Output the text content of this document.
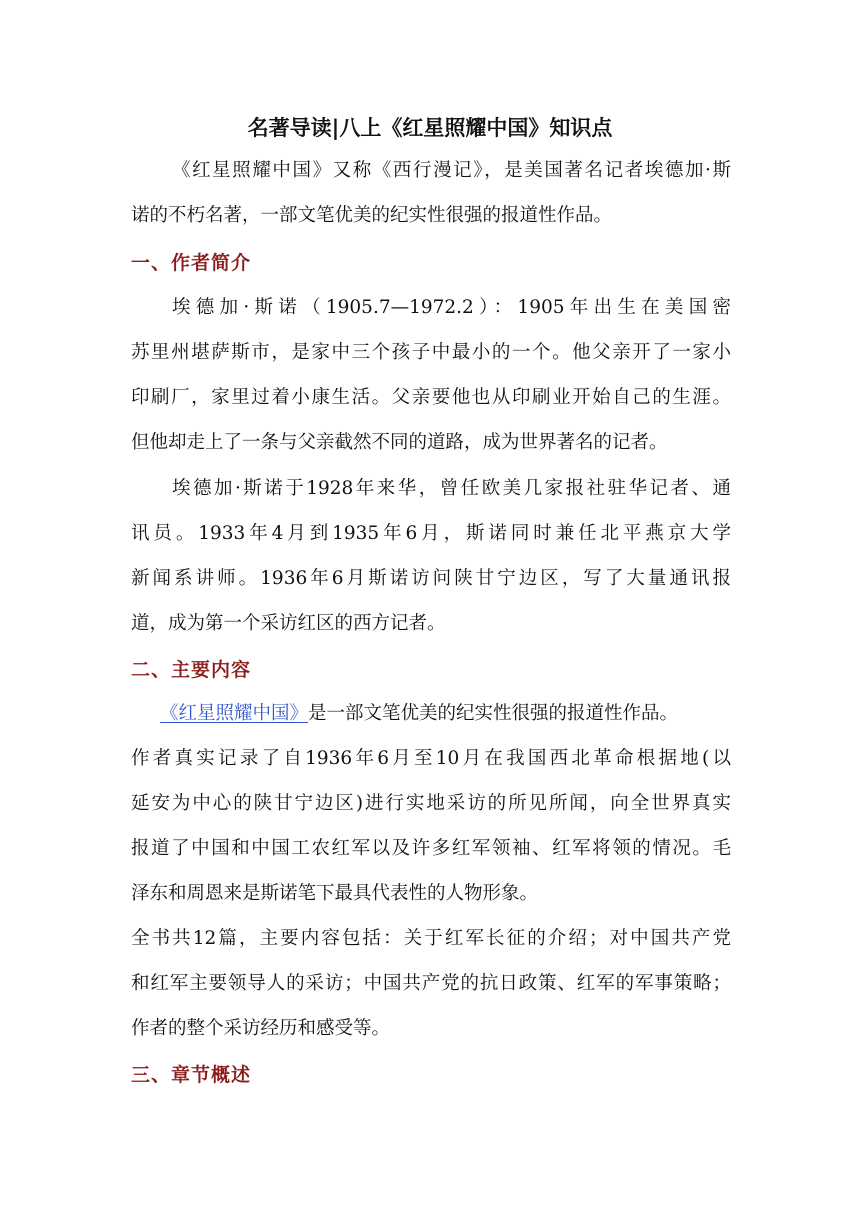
名著导读|八上《红星照耀中国》知识点
《红星照耀中国》又称《西行漫记》，是美国著名记者埃德加·斯
诺的不朽名著，一部文笔优美的纪实性很强的报道性作品。
一、作者简介
埃德加·斯诺（1905.7—1972.2）：1905年出生在美国密
苏里州堪萨斯市，是家中三个孩子中最小的一个。他父亲开了一家小
印刷厂，家里过着小康生活。父亲要他也从印刷业开始自己的生涯。
但他却走上了一条与父亲截然不同的道路，成为世界著名的记者。
埃德加·斯诺于1928年来华，曾任欧美几家报社驻华记者、通
讯员。1933年4月到1935年6月，斯诺同时兼任北平燕京大学
新闻系讲师。1936年6月斯诺访问陕甘宁边区，写了大量通讯报
道，成为第一个采访红区的西方记者。
二、主要内容
《红星照耀中国》是一部文笔优美的纪实性很强的报道性作品。
作者真实记录了自1936年6月至10月在我国西北革命根据地(以
延安为中心的陕甘宁边区)进行实地采访的所见所闻，向全世界真实
报道了中国和中国工农红军以及许多红军领袖、红军将领的情况。毛
泽东和周恩来是斯诺笔下最具代表性的人物形象。
全书共12篇，主要内容包括：关于红军长征的介绍；对中国共产党
和红军主要领导人的采访；中国共产党的抗日政策、红军的军事策略；
作者的整个采访经历和感受等。
三、章节概述
